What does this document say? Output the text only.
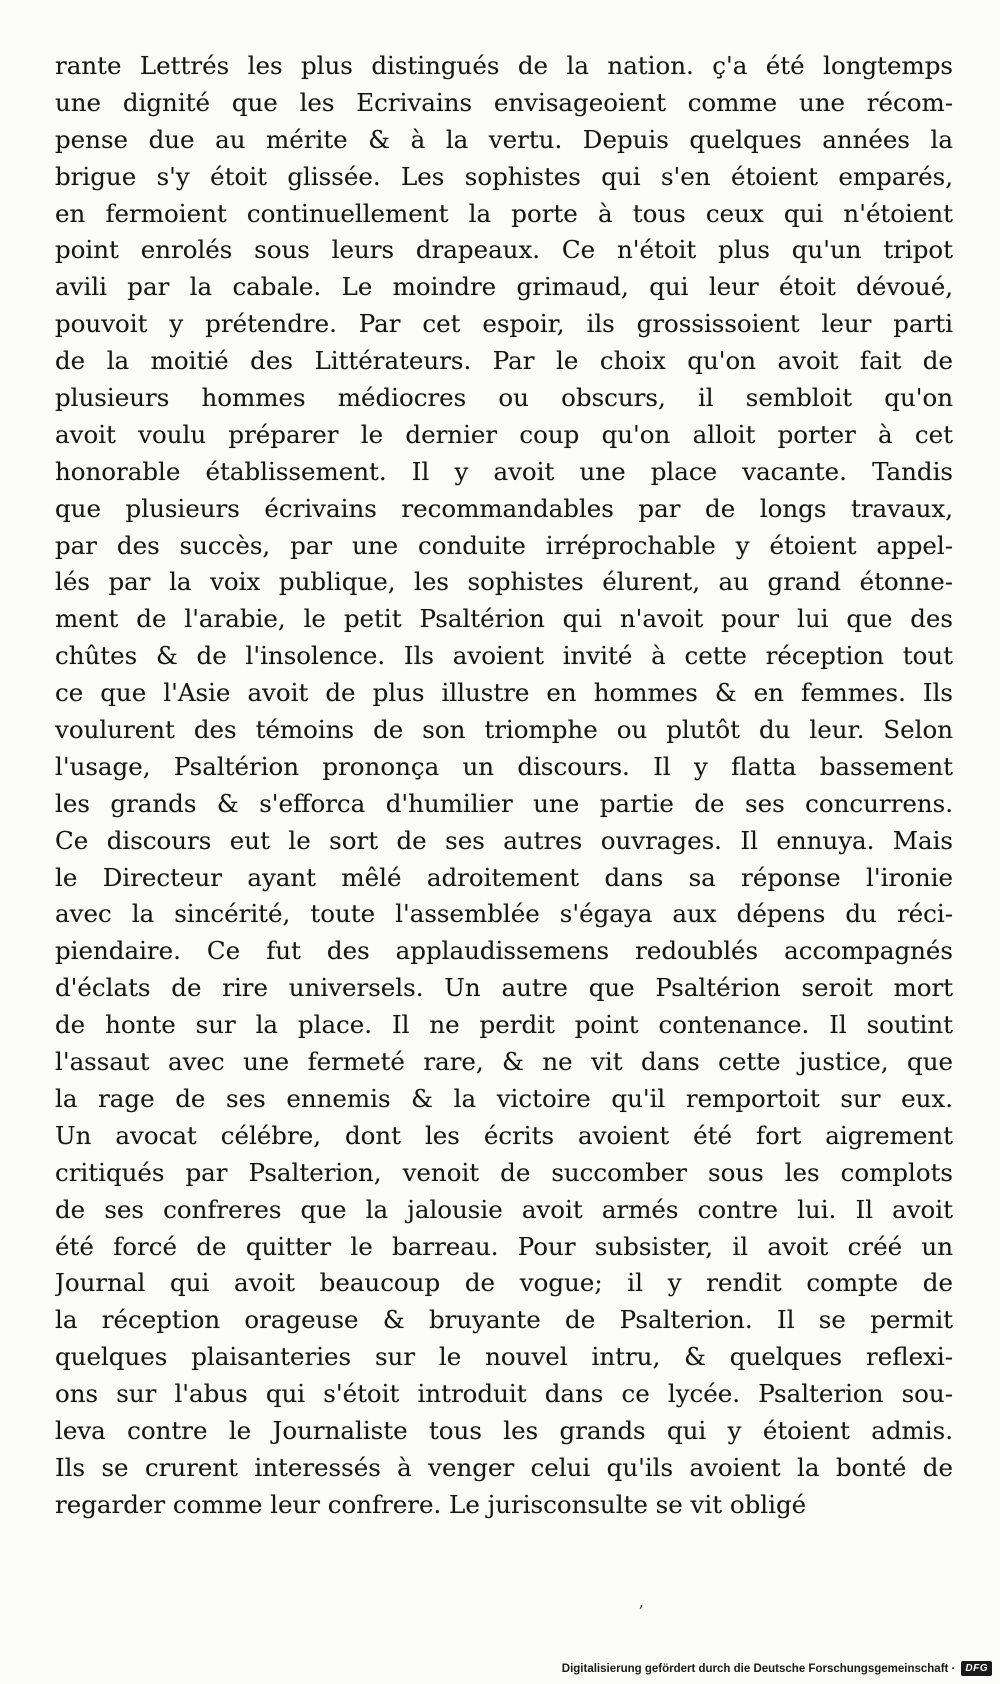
rante Lettrés les plus distingués de la nation. ç'a été longtemps
une dignité que les Ecrivains envisageoient comme une récom-
pense due au mérite & à la vertu. Depuis quelques années la
brigue s'y étoit glissée. Les sophistes qui s'en étoient emparés,
en fermoient continuellement la porte à tous ceux qui n'étoient
point enrolés sous leurs drapeaux. Ce n'étoit plus qu'un tripot
avili par la cabale. Le moindre grimaud, qui leur étoit dévoué,
pouvoit y prétendre. Par cet espoir, ils grossissoient leur parti
de la moitié des Littérateurs. Par le choix qu'on avoit fait de
plusieurs hommes médiocres ou obscurs, il sembloit qu'on
avoit voulu préparer le dernier coup qu'on alloit porter à cet
honorable établissement. Il y avoit une place vacante. Tandis
que plusieurs écrivains recommandables par de longs travaux,
par des succès, par une conduite irréprochable y étoient appel-
lés par la voix publique, les sophistes élurent, au grand étonne-
ment de l'arabie, le petit Psaltérion qui n'avoit pour lui que des
chûtes & de l'insolence. Ils avoient invité à cette réception tout
ce que l'Asie avoit de plus illustre en hommes & en femmes. Ils
voulurent des témoins de son triomphe ou plutôt du leur. Selon
l'usage, Psaltérion prononça un discours. Il y flatta bassement
les grands & s'efforca d'humilier une partie de ses concurrens.
Ce discours eut le sort de ses autres ouvrages. Il ennuya. Mais
le Directeur ayant mêlé adroitement dans sa réponse l'ironie
avec la sincérité, toute l'assemblée s'égaya aux dépens du réci-
piendaire. Ce fut des applaudissemens redoublés accompagnés
d'éclats de rire universels. Un autre que Psaltérion seroit mort
de honte sur la place. Il ne perdit point contenance. Il soutint
l'assaut avec une fermeté rare, & ne vit dans cette justice, que
la rage de ses ennemis & la victoire qu'il remportoit sur eux.
Un avocat célébre, dont les écrits avoient été fort aigrement
critiqués par Psalterion, venoit de succomber sous les complots
de ses confreres que la jalousie avoit armés contre lui. Il avoit
été forcé de quitter le barreau. Pour subsister, il avoit créé un
Journal qui avoit beaucoup de vogue; il y rendit compte de
la réception orageuse & bruyante de Psalterion. Il se permit
quelques plaisanteries sur le nouvel intru, & quelques reflexi-
ons sur l'abus qui s'étoit introduit dans ce lycée. Psalterion sou-
leva contre le Journaliste tous les grands qui y étoient admis.
Ils se crurent interessés à venger celui qu'ils avoient la bonté de
regarder comme leur confrere. Le jurisconsulte se vit obligé
ʼ
Digitalisierung gefördert durch die Deutsche Forschungsgemeinschaft ·	DFG
